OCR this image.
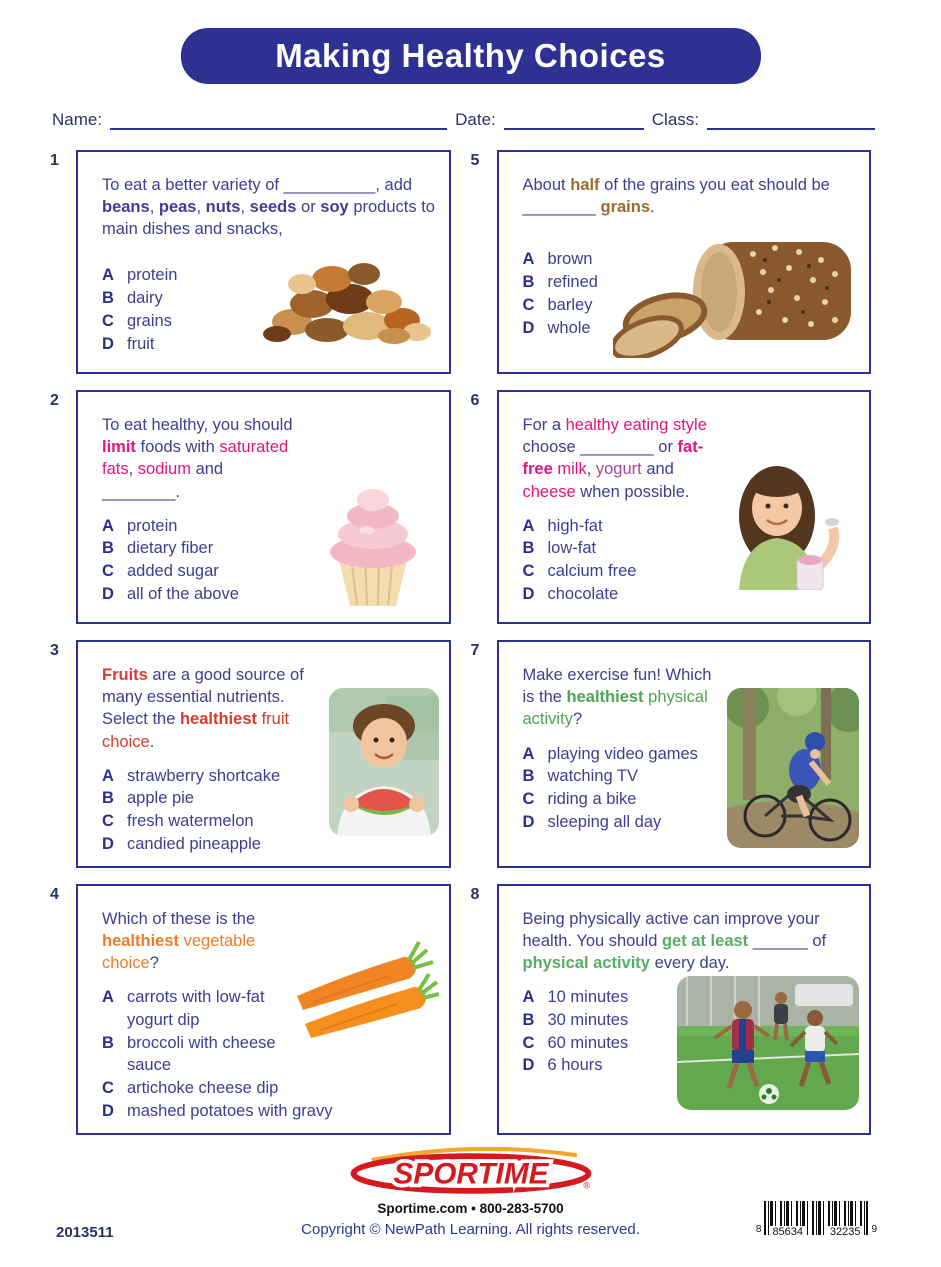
Making Healthy Choices
Name:	Date:	Class:
1

To eat a better variety of __________, add beans, peas, nuts, seeds or soy products to main dishes and snacks,

A protein
B dairy
C grains
D fruit
5

About half of the grains you eat should be ________ grains.

A brown
B refined
C barley
D whole
2

To eat healthy, you should limit foods with saturated fats, sodium and ________.

A protein
B dietary fiber
C added sugar
D all of the above
6

For a healthy eating style choose ________ or fat-free milk, yogurt and cheese when possible.

A high-fat
B low-fat
C calcium free
D chocolate
3

Fruits are a good source of many essential nutrients. Select the healthiest fruit choice.

A strawberry shortcake
B apple pie
C fresh watermelon
D candied pineapple
7

Make exercise fun! Which is the healthiest physical activity?

A playing video games
B watching TV
C riding a bike
D sleeping all day
4

Which of these is the healthiest vegetable choice?

A carrots with low-fat yogurt dip
B broccoli with cheese sauce
C artichoke cheese dip
D mashed potatoes with gravy
8

Being physically active can improve your health. You should get at least ______ of physical activity every day.

A 10 minutes
B 30 minutes
C 60 minutes
D 6 hours
SPORTIME	®
Sportime.com • 800-283-5700
Copyright © NewPath Learning. All rights reserved.
2013511	8 85634 32235	9
